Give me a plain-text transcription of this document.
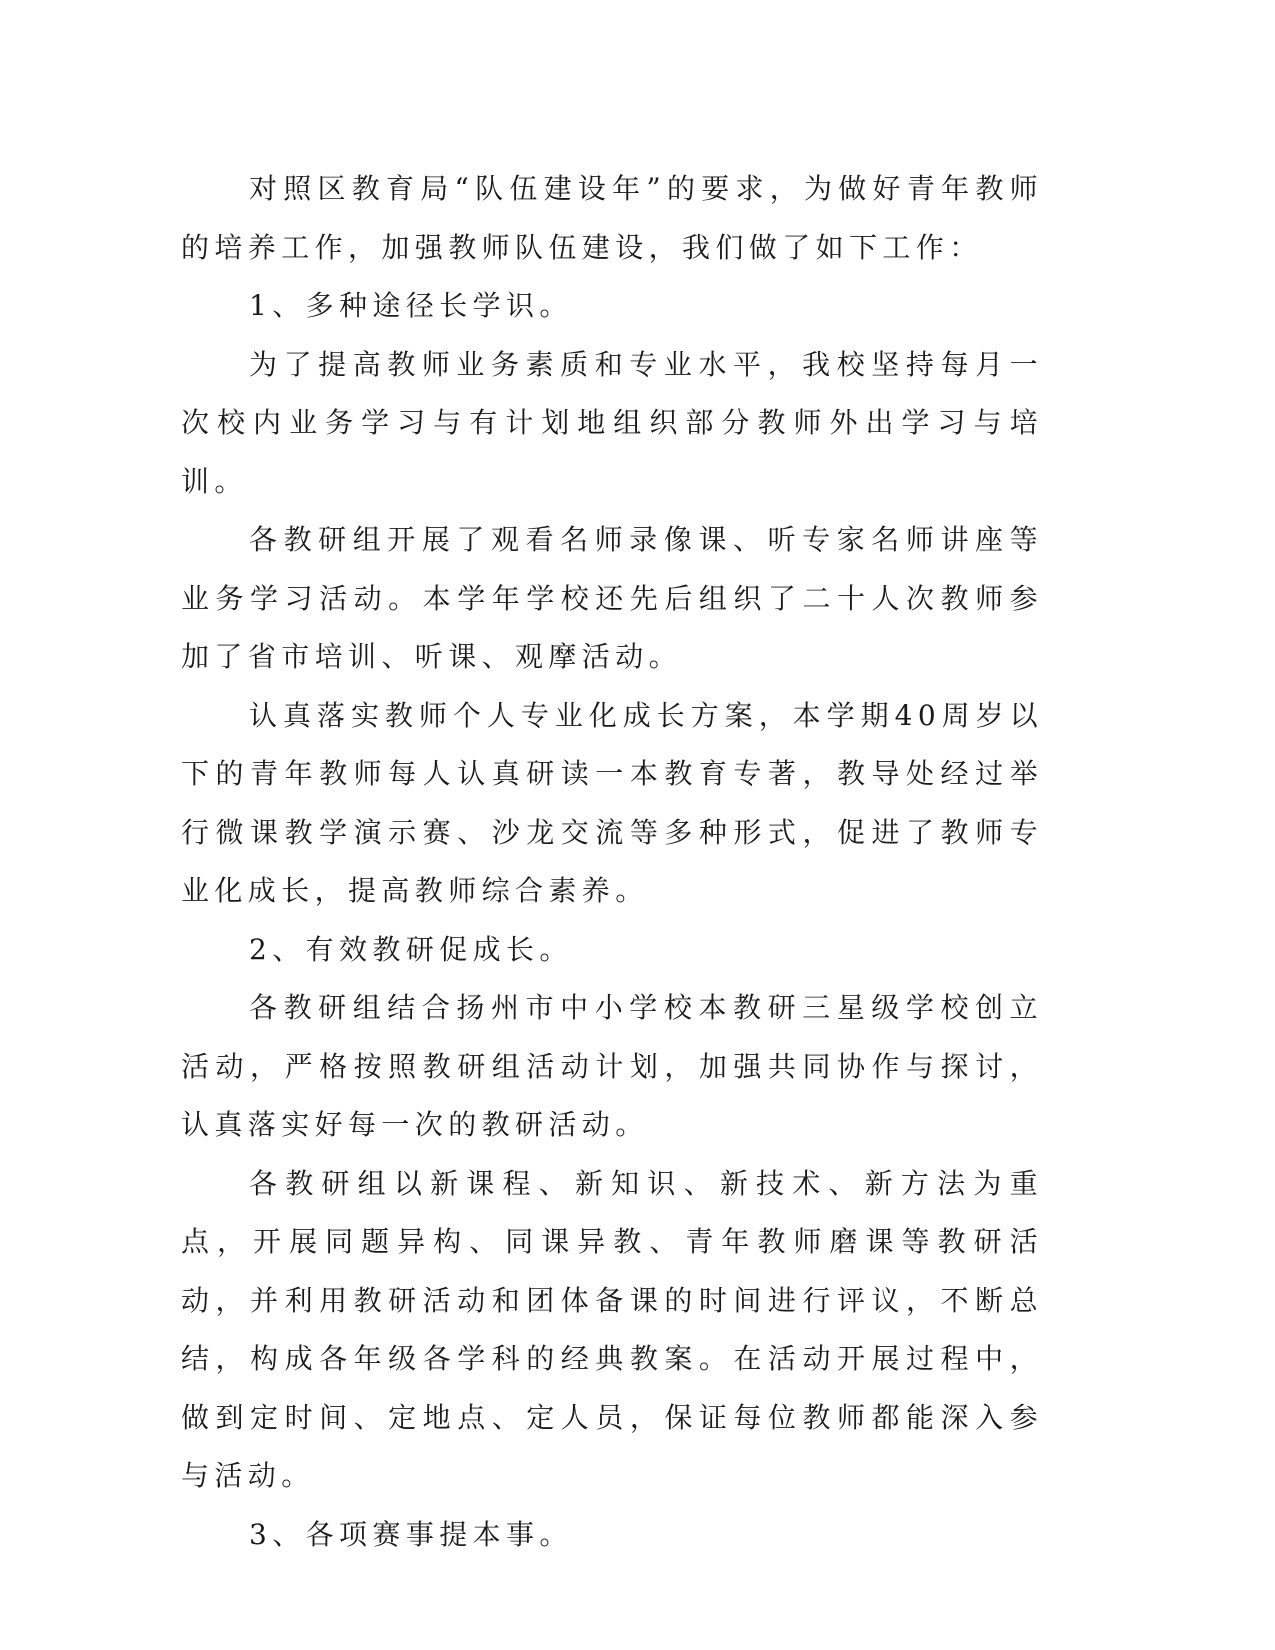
对照区教育局“队伍建设年”的要求，为做好青年教师的培养工作，加强教师队伍建设，我们做了如下工作：

1、多种途径长学识。

为了提高教师业务素质和专业水平，我校坚持每月一次校内业务学习与有计划地组织部分教师外出学习与培训。

各教研组开展了观看名师录像课、听专家名师讲座等业务学习活动。本学年学校还先后组织了二十人次教师参加了省市培训、听课、观摩活动。

认真落实教师个人专业化成长方案，本学期40周岁以下的青年教师每人认真研读一本教育专著，教导处经过举行微课教学演示赛、沙龙交流等多种形式，促进了教师专业化成长，提高教师综合素养。

2、有效教研促成长。

各教研组结合扬州市中小学校本教研三星级学校创立活动，严格按照教研组活动计划，加强共同协作与探讨，认真落实好每一次的教研活动。

各教研组以新课程、新知识、新技术、新方法为重点，开展同题异构、同课异教、青年教师磨课等教研活动，并利用教研活动和团体备课的时间进行评议，不断总结，构成各年级各学科的经典教案。在活动开展过程中，做到定时间、定地点、定人员，保证每位教师都能深入参与活动。

3、各项赛事提本事。
